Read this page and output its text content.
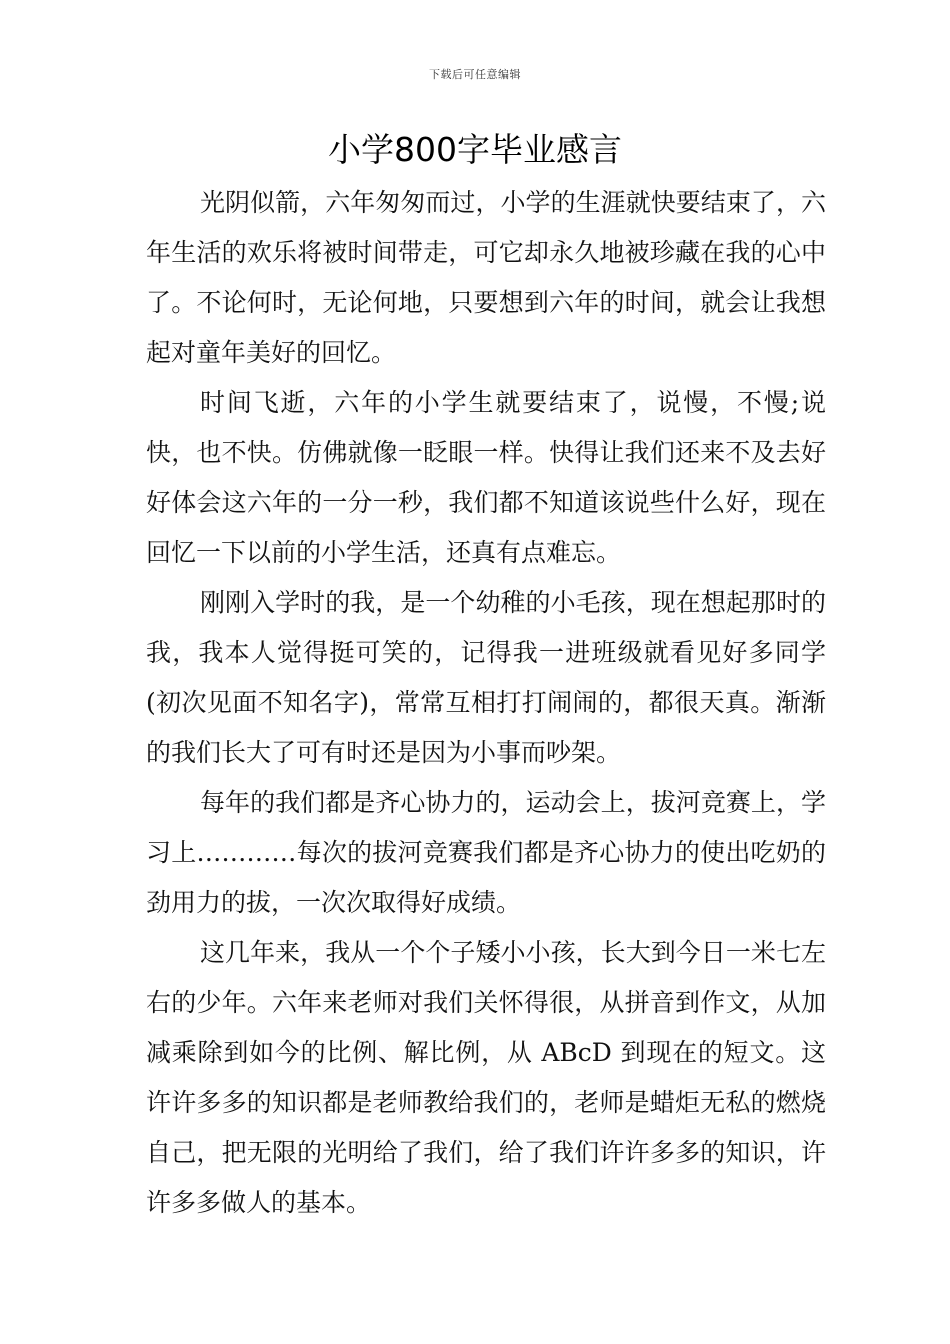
下载后可任意编辑
小学800字毕业感言

光阴似箭，六年匆匆而过，小学的生涯就快要结束了，六年生活的欢乐将被时间带走，可它却永久地被珍藏在我的心中了。不论何时，无论何地，只要想到六年的时间，就会让我想起对童年美好的回忆。

时间飞逝，六年的小学生就要结束了，说慢，不慢;说快，也不快。仿佛就像一眨眼一样。快得让我们还来不及去好好体会这六年的一分一秒，我们都不知道该说些什么好，现在回忆一下以前的小学生活，还真有点难忘。

刚刚入学时的我，是一个幼稚的小毛孩，现在想起那时的我，我本人觉得挺可笑的，记得我一进班级就看见好多同学(初次见面不知名字)，常常互相打打闹闹的，都很天真。渐渐的我们长大了可有时还是因为小事而吵架。

每年的我们都是齐心协力的，运动会上，拔河竞赛上，学习上…………每次的拔河竞赛我们都是齐心协力的使出吃奶的劲用力的拔，一次次取得好成绩。

这几年来，我从一个个子矮小小孩，长大到今日一米七左右的少年。六年来老师对我们关怀得很，从拼音到作文，从加减乘除到如今的比例、解比例，从 ABcD 到现在的短文。这许许多多的知识都是老师教给我们的，老师是蜡炬无私的燃烧自己，把无限的光明给了我们，给了我们许许多多的知识，许许多多做人的基本。
